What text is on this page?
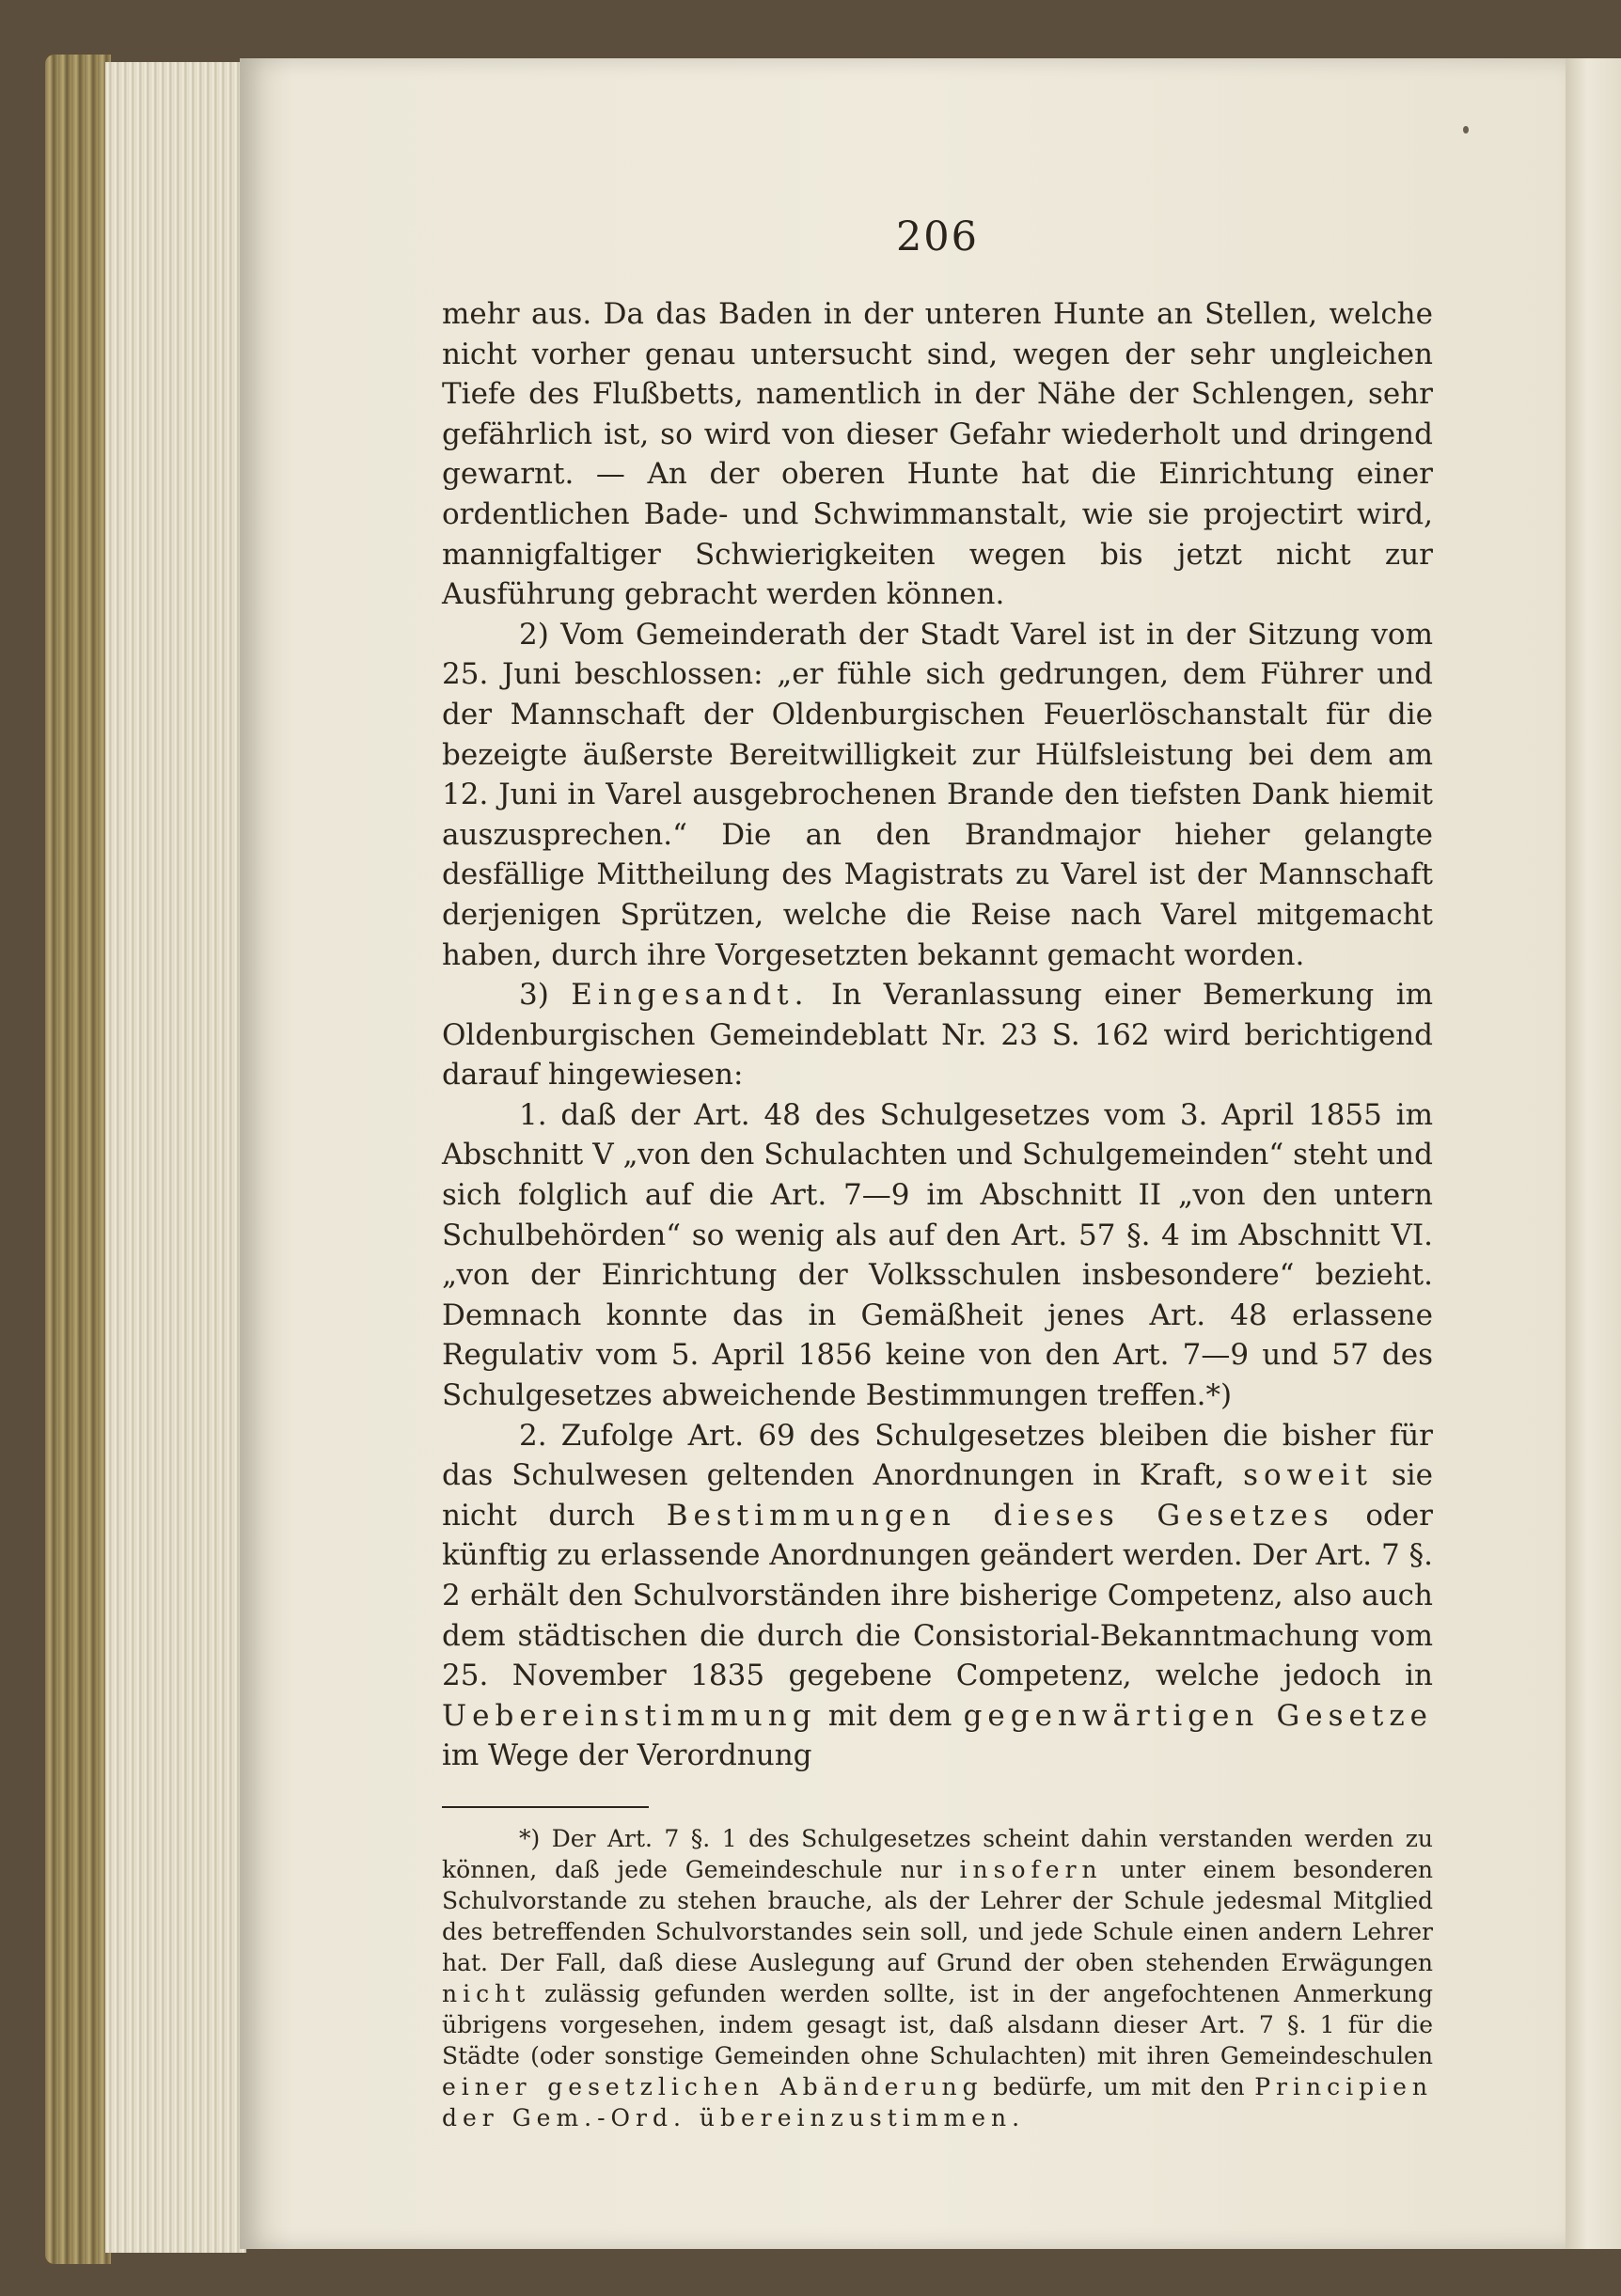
206

mehr aus. Da das Baden in der unteren Hunte an Stellen, welche nicht vorher genau untersucht sind, wegen der sehr ungleichen Tiefe des Flußbetts, namentlich in der Nähe der Schlengen, sehr gefährlich ist, so wird von dieser Gefahr wiederholt und dringend gewarnt. — An der oberen Hunte hat die Einrichtung einer ordentlichen Bade- und Schwimmanstalt, wie sie projectirt wird, mannigfaltiger Schwierigkeiten wegen bis jetzt nicht zur Ausführung gebracht werden können.

2) Vom Gemeinderath der Stadt Varel ist in der Sitzung vom 25. Juni beschlossen: „er fühle sich gedrungen, dem Führer und der Mannschaft der Oldenburgischen Feuerlöschanstalt für die bezeigte äußerste Bereitwilligkeit zur Hülfsleistung bei dem am 12. Juni in Varel ausgebrochenen Brande den tiefsten Dank hiemit auszusprechen.“ Die an den Brandmajor hieher gelangte desfällige Mittheilung des Magistrats zu Varel ist der Mannschaft derjenigen Sprützen, welche die Reise nach Varel mitgemacht haben, durch ihre Vorgesetzten bekannt gemacht worden.

3) Eingesandt. In Veranlassung einer Bemerkung im Oldenburgischen Gemeindeblatt Nr. 23 S. 162 wird berichtigend darauf hingewiesen:

1. daß der Art. 48 des Schulgesetzes vom 3. April 1855 im Abschnitt V „von den Schulachten und Schulgemeinden“ steht und sich folglich auf die Art. 7—9 im Abschnitt II „von den untern Schulbehörden“ so wenig als auf den Art. 57 §. 4 im Abschnitt VI. „von der Einrichtung der Volksschulen insbesondere“ bezieht. Demnach konnte das in Gemäßheit jenes Art. 48 erlassene Regulativ vom 5. April 1856 keine von den Art. 7—9 und 57 des Schulgesetzes abweichende Bestimmungen treffen.*)

2. Zufolge Art. 69 des Schulgesetzes bleiben die bisher für das Schulwesen geltenden Anordnungen in Kraft, soweit sie nicht durch Bestimmungen dieses Gesetzes oder künftig zu erlassende Anordnungen geändert werden. Der Art. 7 §. 2 erhält den Schulvorständen ihre bisherige Competenz, also auch dem städtischen die durch die Consistorial-Bekanntmachung vom 25. November 1835 gegebene Competenz, welche jedoch in Uebereinstimmung mit dem gegenwärtigen Gesetze im Wege der Verordnung

*) Der Art. 7 §. 1 des Schulgesetzes scheint dahin verstanden werden zu können, daß jede Gemeindeschule nur insofern unter einem besonderen Schulvorstande zu stehen brauche, als der Lehrer der Schule jedesmal Mitglied des betreffenden Schulvorstandes sein soll, und jede Schule einen andern Lehrer hat. Der Fall, daß diese Auslegung auf Grund der oben stehenden Erwägungen nicht zulässig gefunden werden sollte, ist in der angefochtenen Anmerkung übrigens vorgesehen, indem gesagt ist, daß alsdann dieser Art. 7 §. 1 für die Städte (oder sonstige Gemeinden ohne Schulachten) mit ihren Gemeindeschulen einer gesetzlichen Abänderung bedürfe, um mit den Principien der Gem.-Ord. übereinzustimmen.
